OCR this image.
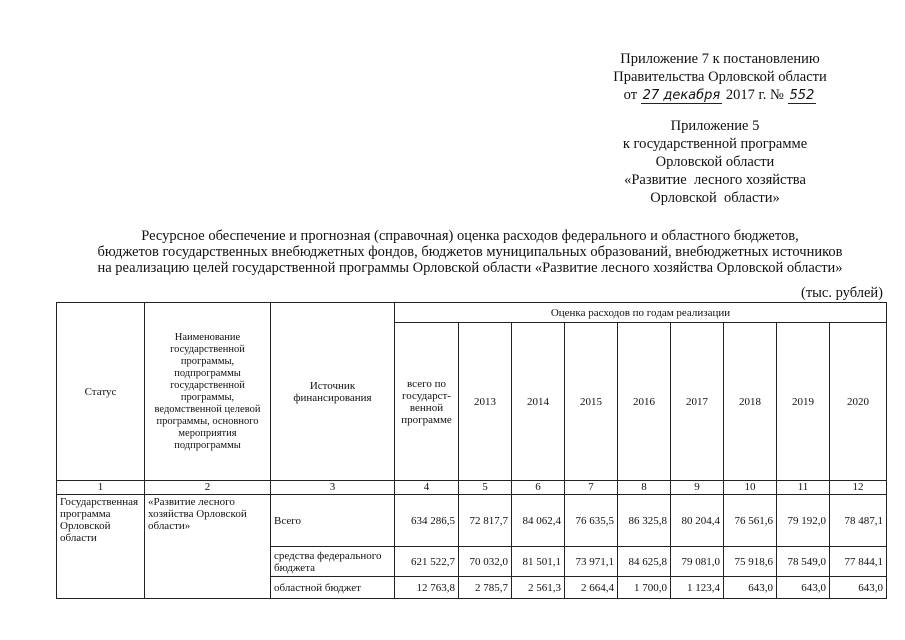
Приложение 7 к постановлению
Правительства Орловской области
от 27 декабря 2017 г. № 552
Приложение 5
к государственной программе
Орловской области
«Развитие  лесного хозяйства
Орловской  области»
Ресурсное обеспечение и прогнозная (справочная) оценка расходов федерального и областного бюджетов,
бюджетов государственных внебюджетных фондов, бюджетов муниципальных образований, внебюджетных источников
на реализацию целей государственной программы Орловской области «Развитие лесного хозяйства Орловской области»
(тыс. рублей)
Статус	Наименование государственной программы, подпрограммы государственной программы, ведомственной целевой программы, основного мероприятия подпрограммы	Источник финансирования	Оценка расходов по годам реализации								
			всего по государст-венной программе	2013	2014	2015	2016	2017	2018	2019	2020
1	2	3	4	5	6	7	8	9	10	11	12
Государственная программа Орловской области	«Развитие лесного хозяйства Орловской области»	Всего	634 286,5	72 817,7	84 062,4	76 635,5	86 325,8	80 204,4	76 561,6	79 192,0	78 487,1
		средства федерального бюджета	621 522,7	70 032,0	81 501,1	73 971,1	84 625,8	79 081,0	75 918,6	78 549,0	77 844,1
		областной бюджет	12 763,8	2 785,7	2 561,3	2 664,4	1 700,0	1 123,4	643,0	643,0	643,0
